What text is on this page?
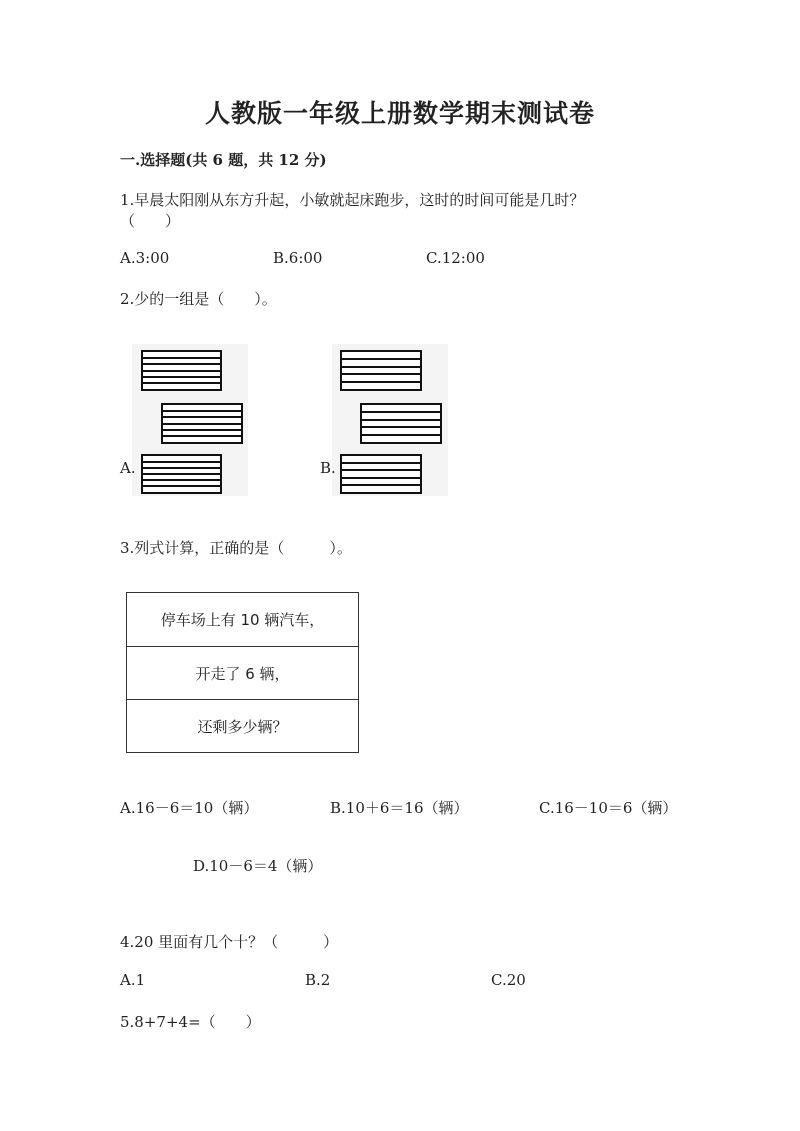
人教版一年级上册数学期末测试卷
一.选择题(共 6 题，共 12 分)
1.早晨太阳刚从东方升起，小敏就起床跑步，这时的时间可能是几时？
（　　）
A.3:00	B.6:00	C.12:00
2.少的一组是（　　）。
A.	B.
3.列式计算，正确的是（　　　）。
停车场上有 10 辆汽车，
开走了 6 辆，
还剩多少辆？
A.16－6＝10（辆）	B.10＋6＝16（辆）	C.16－10＝6（辆）
D.10－6＝4（辆）
4.20 里面有几个十？（　　　）
A.1	B.2	C.20
5.8+7+4=（　　）
